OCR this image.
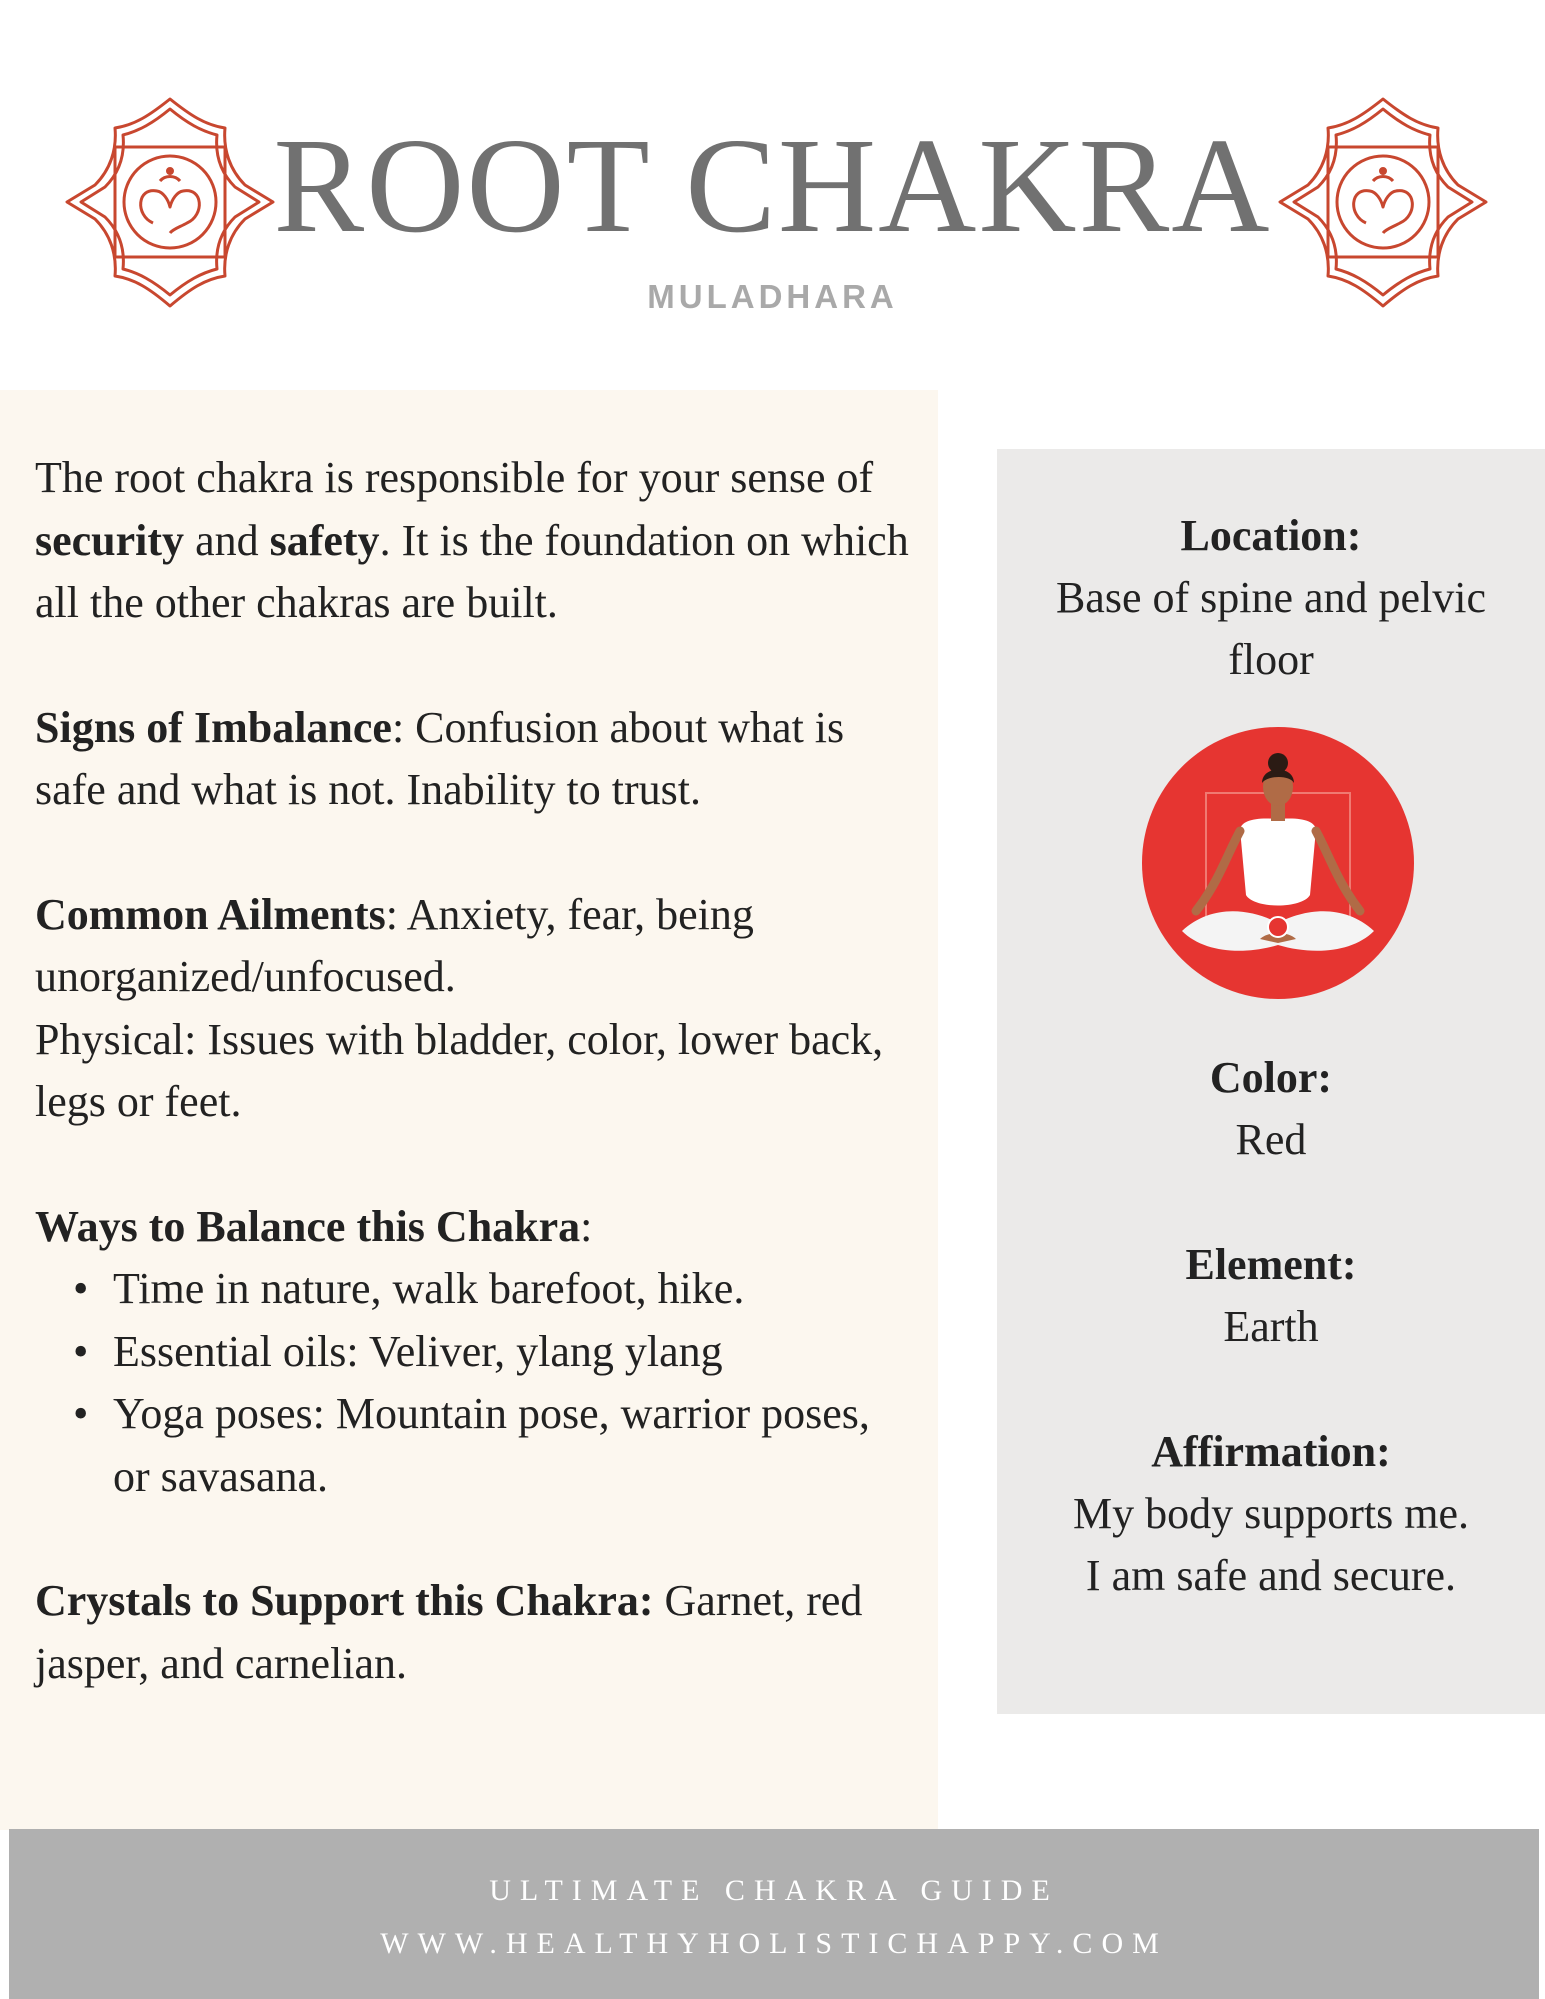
ROOT CHAKRA
MULADHARA

The root chakra is responsible for your sense of security and safety. It is the foundation on which all the other chakras are built.

Signs of Imbalance: Confusion about what is safe and what is not. Inability to trust.

Common Ailments: Anxiety, fear, being unorganized/unfocused.

Physical: Issues with bladder, color, lower back, legs or feet.

Ways to Balance this Chakra:

• Time in nature, walk barefoot, hike.
• Essential oils: Veliver, ylang ylang
• Yoga poses: Mountain pose, warrior poses, or savasana.

Crystals to Support this Chakra: Garnet, red jasper, and carnelian.

Location:
Base of spine and pelvic
floor
Color:
Red
Element:
Earth
Affirmation:
My body supports me.
I am safe and secure.
ULTIMATE CHAKRA GUIDE
WWW.HEALTHYHOLISTICHAPPY.COM
